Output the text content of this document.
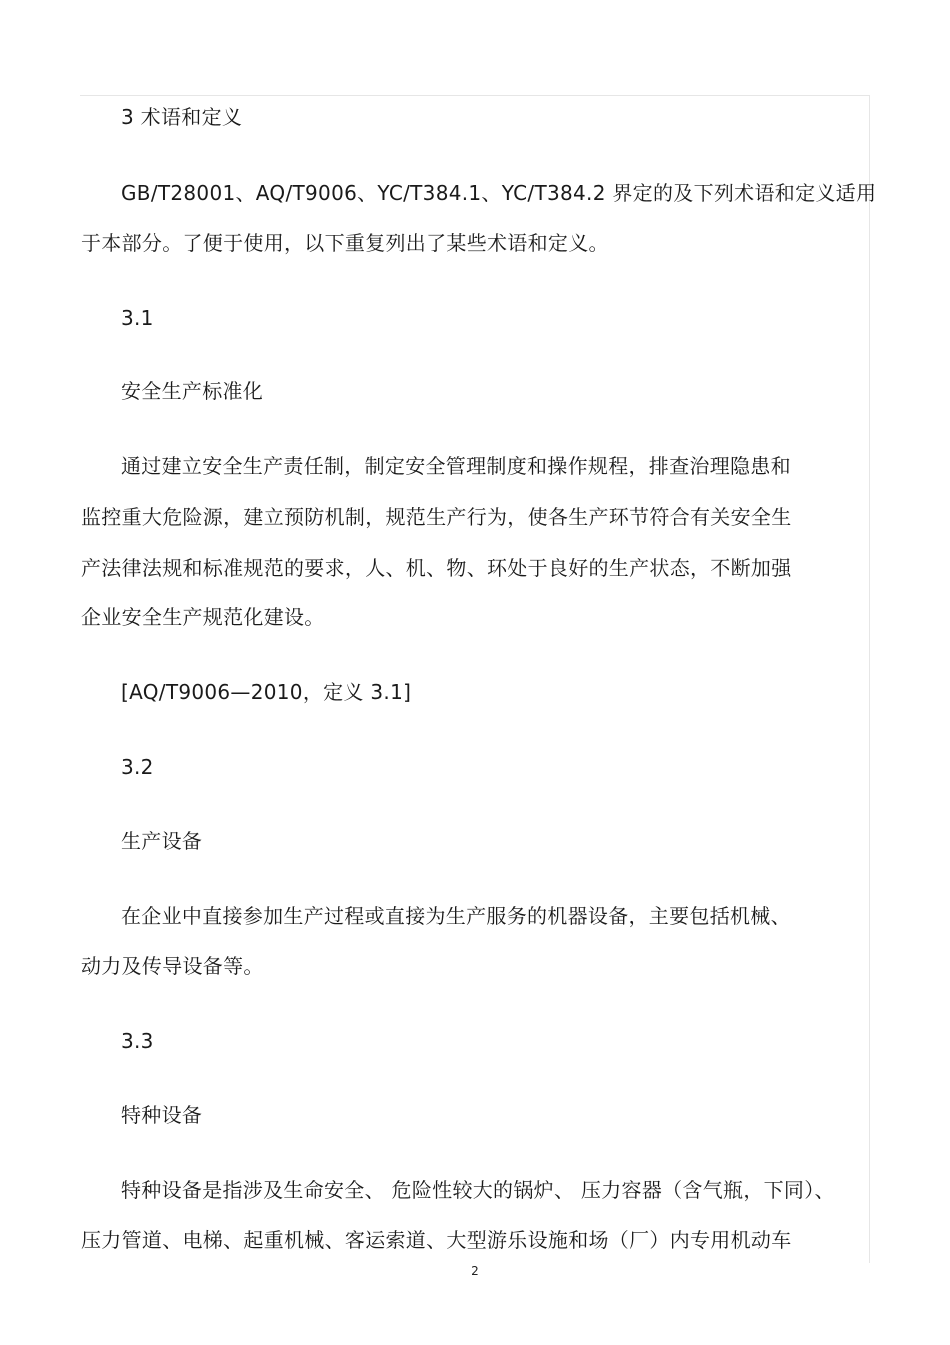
3 术语和定义
GB/T28001、AQ/T9006、YC/T384.1、YC/T384.2 界定的及下列术语和定义适用
于本部分。了便于使用，以下重复列出了某些术语和定义。
3.1
安全生产标准化
通过建立安全生产责任制，制定安全管理制度和操作规程，排查治理隐患和
监控重大危险源，建立预防机制，规范生产行为，使各生产环节符合有关安全生
产法律法规和标准规范的要求，人、机、物、环处于良好的生产状态，不断加强
企业安全生产规范化建设。
[AQ/T9006—2010，定义 3.1]
3.2
生产设备
在企业中直接参加生产过程或直接为生产服务的机器设备，主要包括机械、
动力及传导设备等。
3.3
特种设备
特种设备是指涉及生命安全、 危险性较大的锅炉、 压力容器（含气瓶，下同）、
压力管道、电梯、起重机械、客运索道、大型游乐设施和场（厂）内专用机动车
2
